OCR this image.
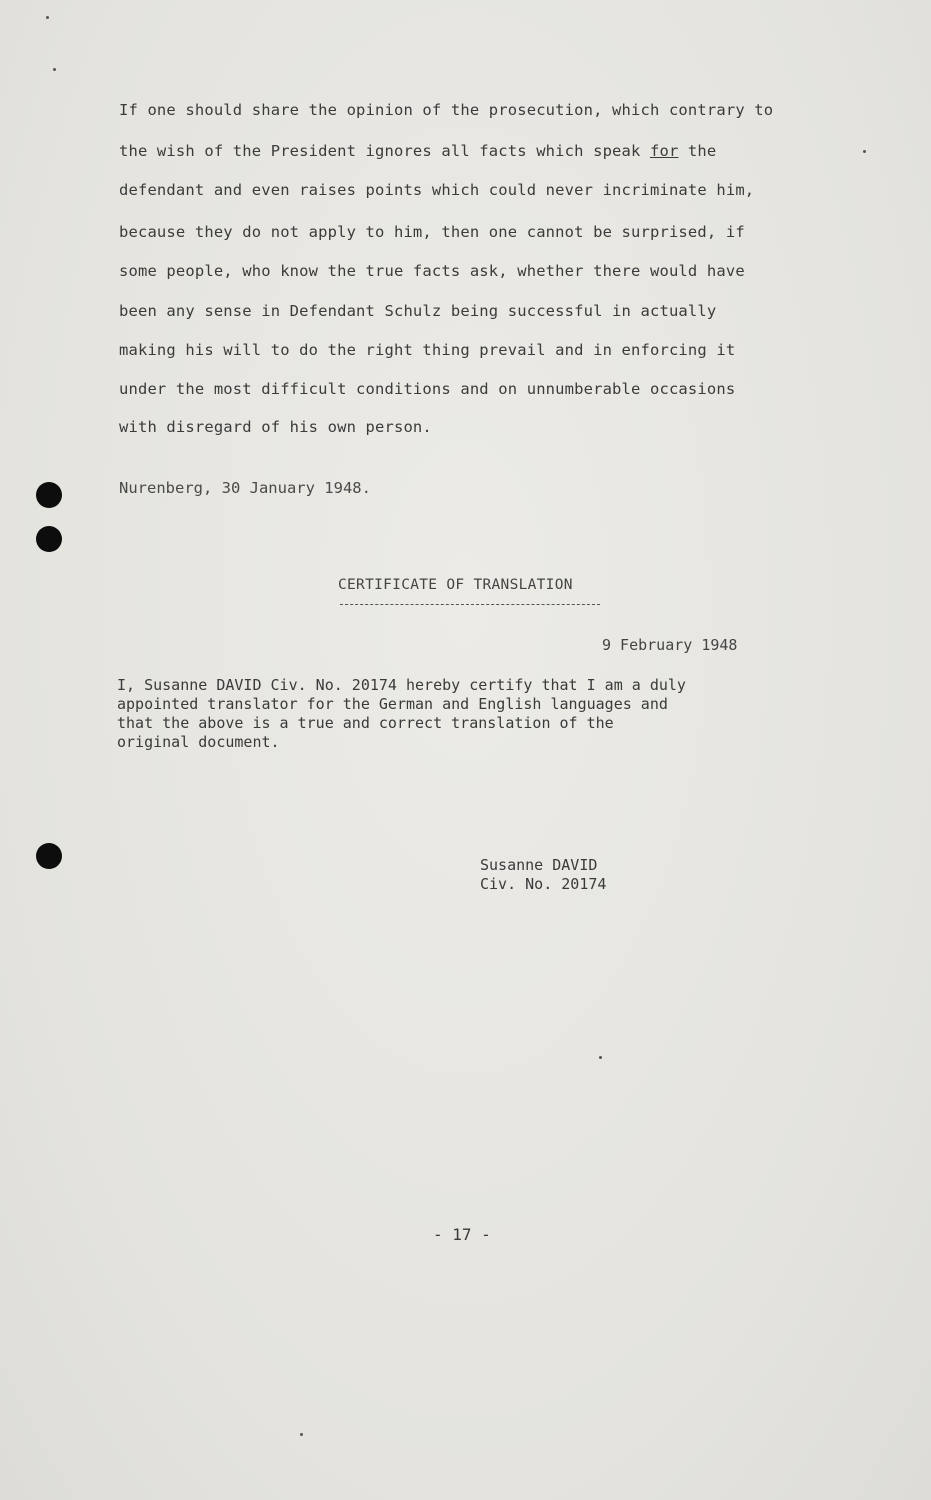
If one should share the opinion of the prosecution, which contrary to
the wish of the President ignores all facts which speak for the
defendant and even raises points which could never incriminate him,
because they do not apply to him, then one cannot be surprised, if
some people, who know the true facts ask, whether there would have
been any sense in Defendant Schulz being successful in actually
making his will to do the right thing prevail and in enforcing it
under the most difficult conditions and on unnumberable occasions
with disregard of his own person.
Nurenberg, 30 January 1948.
CERTIFICATE OF TRANSLATION
9 February 1948
I, Susanne DAVID Civ. No. 20174 hereby certify that I am a duly
appointed translator for the German and English languages and
that the above is a true and correct translation of the
original document.
Susanne DAVID
Civ. No. 20174
- 17 -
